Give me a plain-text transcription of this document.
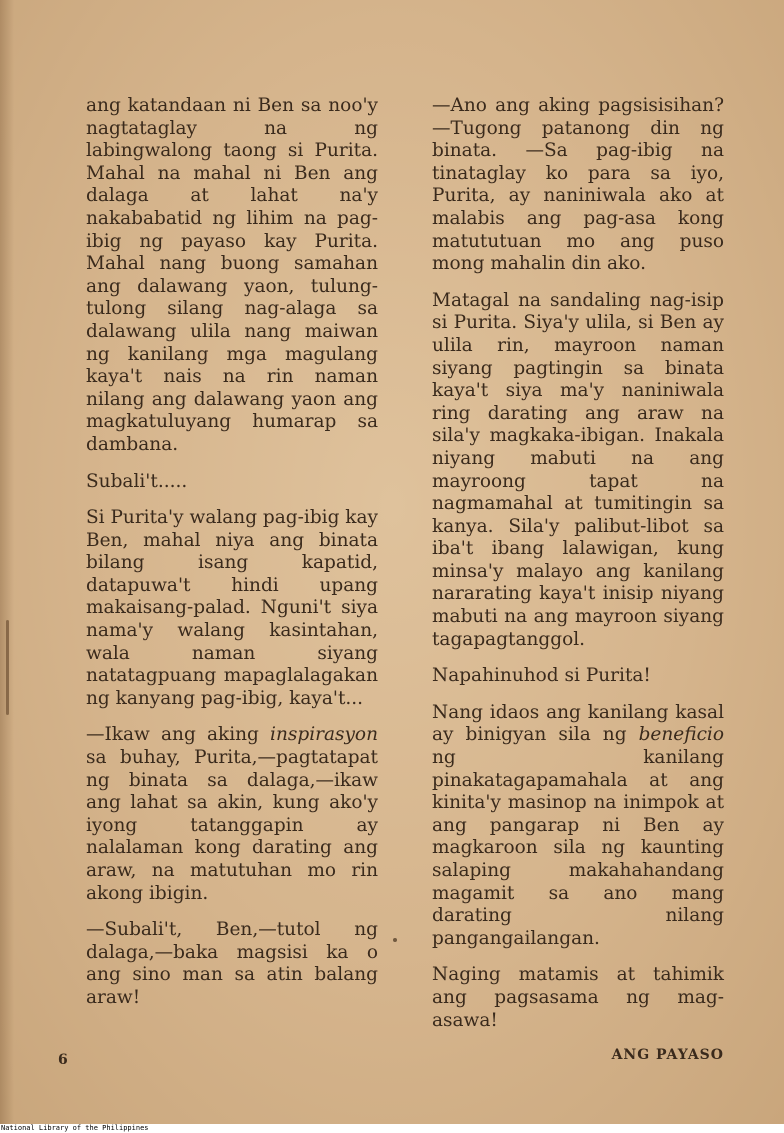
ang katandaan ni Ben sa noo'y nagtataglay na ng labingwalong taong si Purita. Mahal na mahal ni Ben ang dalaga at lahat na'y nakababatid ng lihim na pag-ibig ng payaso kay Purita. Mahal nang buong samahan ang dalawang yaon, tulung-tulong silang nag-alaga sa dalawang ulila nang maiwan ng kanilang mga magulang kaya't nais na rin naman nilang ang dalawang yaon ang magkatuluyang humarap sa dambana.

Subali't.....

Si Purita'y walang pag-ibig kay Ben, mahal niya ang binata bilang isang kapatid, datapuwa't hindi upang makaisang-palad. Nguni't siya nama'y walang kasintahan, wala naman siyang natatagpuang mapaglalagakan ng kanyang pag-ibig, kaya't...

—Ikaw ang aking inspirasyon sa buhay, Purita,—pagtatapat ng binata sa dalaga,—ikaw ang lahat sa akin, kung ako'y iyong tatanggapin ay nalalaman kong darating ang araw, na matutuhan mo rin akong ibigin.

—Subali't, Ben,—tutol ng dalaga,—baka magsisi ka o ang sino man sa atin balang araw!

—Ano ang aking pagsisisihan?—Tugong patanong din ng binata. —Sa pag-ibig na tinataglay ko para sa iyo, Purita, ay naniniwala ako at malabis ang pag-asa kong matututuan mo ang puso mong mahalin din ako.

Matagal na sandaling nag-isip si Purita. Siya'y ulila, si Ben ay ulila rin, mayroon naman siyang pagtingin sa binata kaya't siya ma'y naniniwala ring darating ang araw na sila'y magkaka-ibigan. Inakala niyang mabuti na ang mayroong tapat na nagmamahal at tumitingin sa kanya. Sila'y palibut-libot sa iba't ibang lalawigan, kung minsa'y malayo ang kanilang nararating kaya't inisip niyang mabuti na ang mayroon siyang tagapagtanggol.

Napahinuhod si Purita!

Nang idaos ang kanilang kasal ay binigyan sila ng beneficio ng kanilang pinakatagapamahala at ang kinita'y masinop na inimpok at ang pangarap ni Ben ay magkaroon sila ng kaunting salaping makahahandang magamit sa ano mang darating nilang pangangailangan.

Naging matamis at tahimik ang pagsasama ng mag-asawa!

6	ANG PAYASO
National Library of the Philippines
